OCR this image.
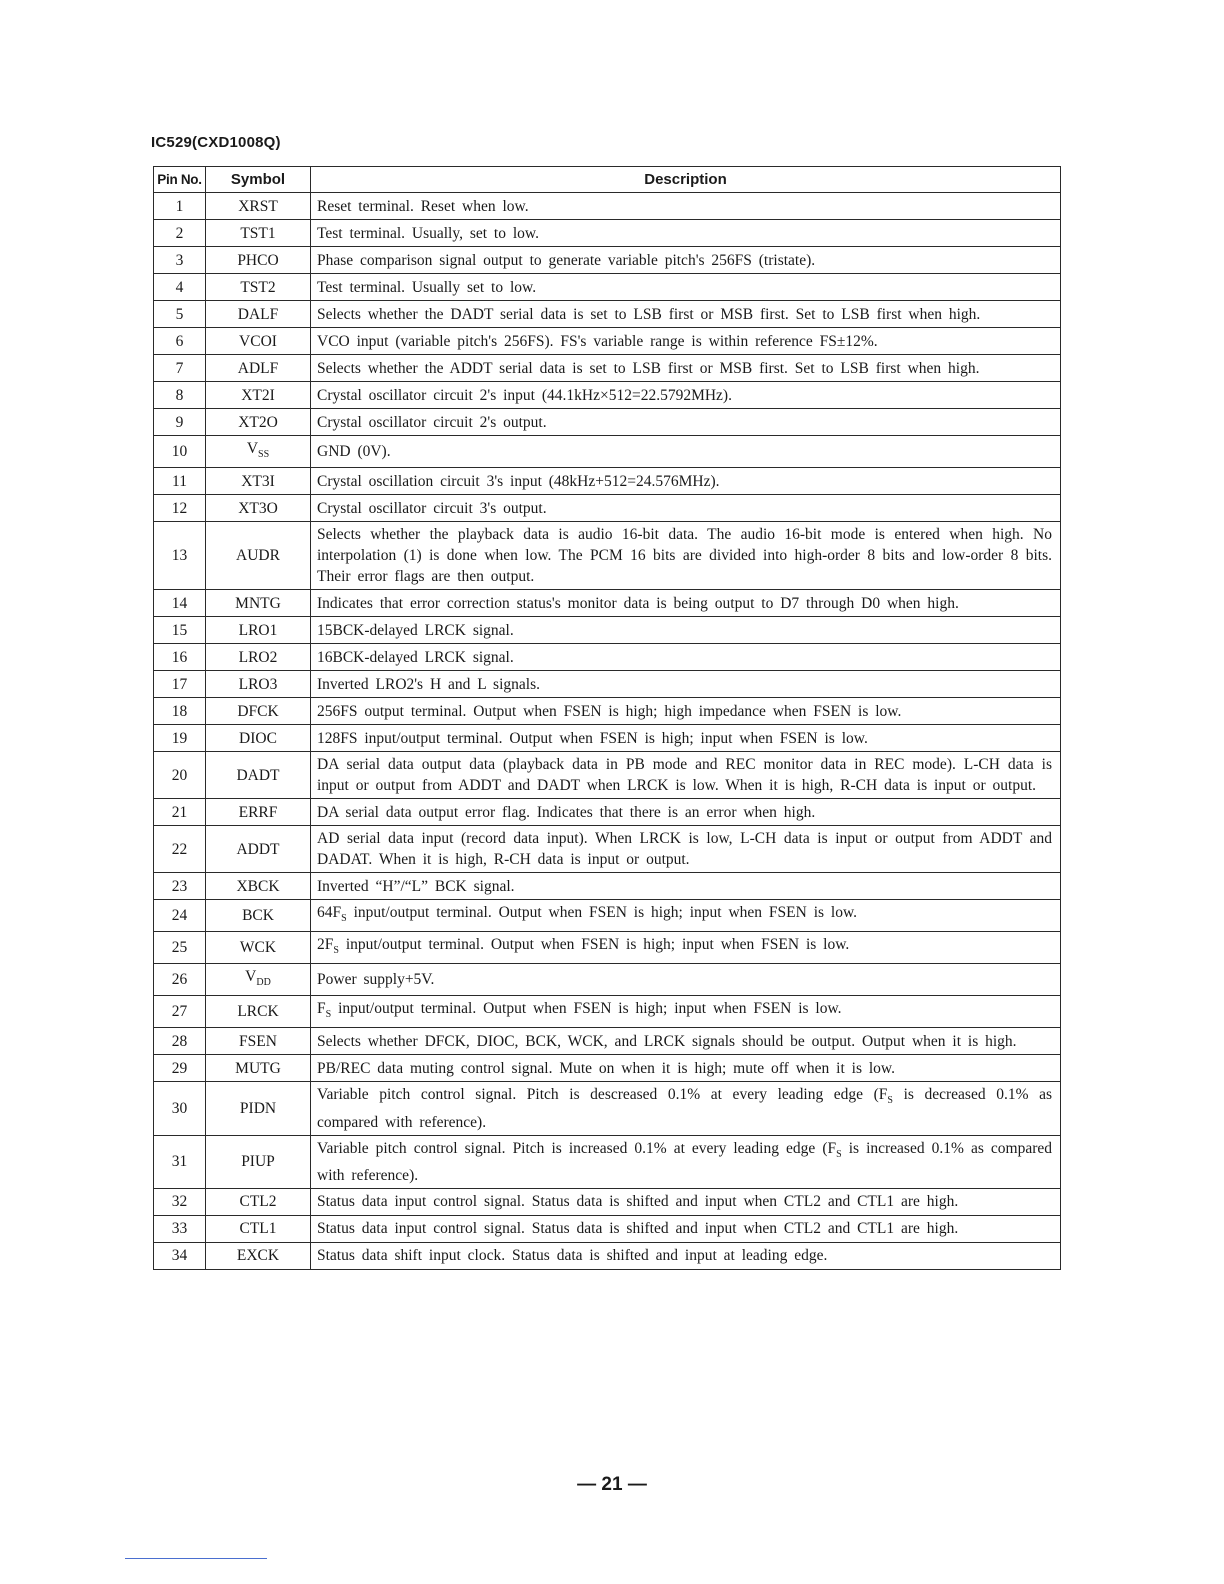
IC529(CXD1008Q)
Pin No.	Symbol	Description
1	XRST	Reset terminal. Reset when low.
2	TST1	Test terminal. Usually, set to low.
3	PHCO	Phase comparison signal output to generate variable pitch's 256FS (tristate).
4	TST2	Test terminal. Usually set to low.
5	DALF	Selects whether the DADT serial data is set to LSB first or MSB first. Set to LSB first when high.
6	VCOI	VCO input (variable pitch's 256FS). FS's variable range is within reference FS±12%.
7	ADLF	Selects whether the ADDT serial data is set to LSB first or MSB first. Set to LSB first when high.
8	XT2I	Crystal oscillator circuit 2's input (44.1kHz×512=22.5792MHz).
9	XT2O	Crystal oscillator circuit 2's output.
10	$V_{SS}$	GND (0V).
11	XT3I	Crystal oscillation circuit 3's input (48kHz+512=24.576MHz).
12	XT3O	Crystal oscillator circuit 3's output.
13	AUDR	Selects whether the playback data is audio 16-bit data. The audio 16-bit mode is entered when high. No interpolation (1) is done when low. The PCM 16 bits are divided into high-order 8 bits and low-order 8 bits. Their error flags are then output.
14	MNTG	Indicates that error correction status's monitor data is being output to D7 through D0 when high.
15	LRO1	15BCK-delayed LRCK signal.
16	LRO2	16BCK-delayed LRCK signal.
17	LRO3	Inverted LRO2's H and L signals.
18	DFCK	256FS output terminal. Output when FSEN is high; high impedance when FSEN is low.
19	DIOC	128FS input/output terminal. Output when FSEN is high; input when FSEN is low.
20	DADT	DA serial data output data (playback data in PB mode and REC monitor data in REC mode). L-CH data is input or output from ADDT and DADT when LRCK is low. When it is high, R-CH data is input or output.
21	ERRF	DA serial data output error flag. Indicates that there is an error when high.
22	ADDT	AD serial data input (record data input). When LRCK is low, L-CH data is input or output from ADDT and DADAT. When it is high, R-CH data is input or output.
23	XBCK	Inverted “H”/“L” BCK signal.
24	BCK	$64F_S$ input/output terminal. Output when FSEN is high; input when FSEN is low.
25	WCK	$2F_S$ input/output terminal. Output when FSEN is high; input when FSEN is low.
26	$V_{DD}$	Power supply+5V.
27	LRCK	$F_S$ input/output terminal. Output when FSEN is high; input when FSEN is low.
28	FSEN	Selects whether DFCK, DIOC, BCK, WCK, and LRCK signals should be output. Output when it is high.
29	MUTG	PB/REC data muting control signal. Mute on when it is high; mute off when it is low.
30	PIDN	Variable pitch control signal. Pitch is descreased 0.1% at every leading edge ($F_S$ is decreased 0.1% as compared with reference).
31	PIUP	Variable pitch control signal. Pitch is increased 0.1% at every leading edge ($F_S$ is increased 0.1% as compared with reference).
32	CTL2	Status data input control signal. Status data is shifted and input when CTL2 and CTL1 are high.
33	CTL1	Status data input control signal. Status data is shifted and input when CTL2 and CTL1 are high.
34	EXCK	Status data shift input clock. Status data is shifted and input at leading edge.
— 21 —
